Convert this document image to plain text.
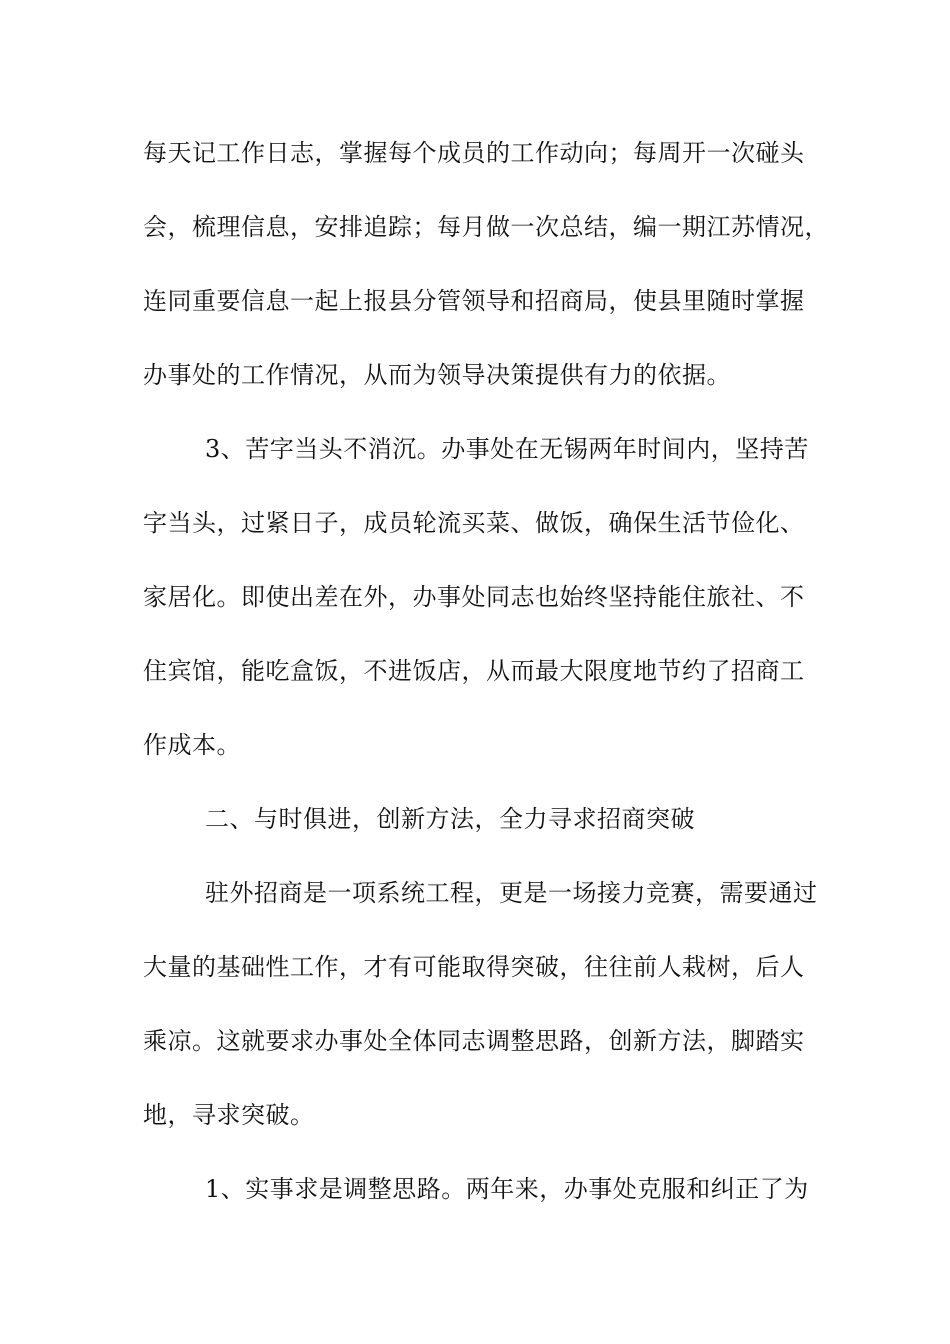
每天记工作日志，掌握每个成员的工作动向；每周开一次碰头
会，梳理信息，安排追踪；每月做一次总结，编一期江苏情况，
连同重要信息一起上报县分管领导和招商局，使县里随时掌握
办事处的工作情况，从而为领导决策提供有力的依据。
3、苦字当头不消沉。办事处在无锡两年时间内，坚持苦
字当头，过紧日子，成员轮流买菜、做饭，确保生活节俭化、
家居化。即使出差在外，办事处同志也始终坚持能住旅社、不
住宾馆，能吃盒饭，不进饭店，从而最大限度地节约了招商工
作成本。
二、与时俱进，创新方法，全力寻求招商突破
驻外招商是一项系统工程，更是一场接力竞赛，需要通过
大量的基础性工作，才有可能取得突破，往往前人栽树，后人
乘凉。这就要求办事处全体同志调整思路，创新方法，脚踏实
地，寻求突破。
1、实事求是调整思路。两年来，办事处克服和纠正了为
